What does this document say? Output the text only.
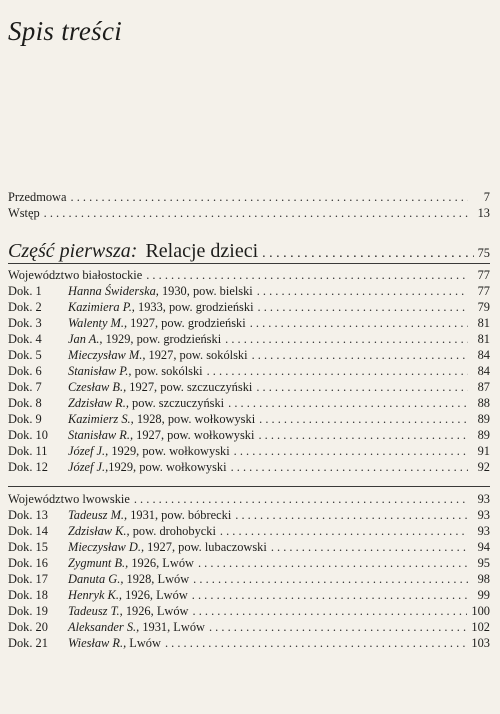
Spis treści
Przedmowa . . .	7
Wstęp . . .	13
Część pierwsza: Relacje dzieci . . .	75
Województwo białostockie . . .	77
Dok. 1 Hanna Świderska, 1930, pow. bielski . . .	77
Dok. 2 Kazimiera P., 1933, pow. grodzieński . . .	79
Dok. 3 Walenty M., 1927, pow. grodzieński . . .	81
Dok. 4 Jan A., 1929, pow. grodzieński . . .	81
Dok. 5 Mieczysław M., 1927, pow. sokólski . . .	84
Dok. 6 Stanisław P., pow. sokólski . . .	84
Dok. 7 Czesław B., 1927, pow. szczuczyński . . .	87
Dok. 8 Zdzisław R., pow. szczuczyński . . .	88
Dok. 9 Kazimierz S., 1928, pow. wołkowyski . . .	89
Dok. 10 Stanisław R., 1927, pow. wołkowyski . . .	89
Dok. 11 Józef J., 1929, pow. wołkowyski . . .	91
Dok. 12 Józef J.,1929, pow. wołkowyski . . .	92
Województwo lwowskie . . .	93
Dok. 13 Tadeusz M., 1931, pow. bóbrecki . . .	93
Dok. 14 Zdzisław K., pow. drohobycki . . .	93
Dok. 15 Mieczysław D., 1927, pow. lubaczowski . . .	94
Dok. 16 Zygmunt B., 1926, Lwów . . .	95
Dok. 17 Danuta G., 1928, Lwów . . .	98
Dok. 18 Henryk K., 1926, Lwów . . .	99
Dok. 19 Tadeusz T., 1926, Lwów . . .	100
Dok. 20 Aleksander S., 1931, Lwów . . .	102
Dok. 21 Wiesław R., Lwów . . .	103
